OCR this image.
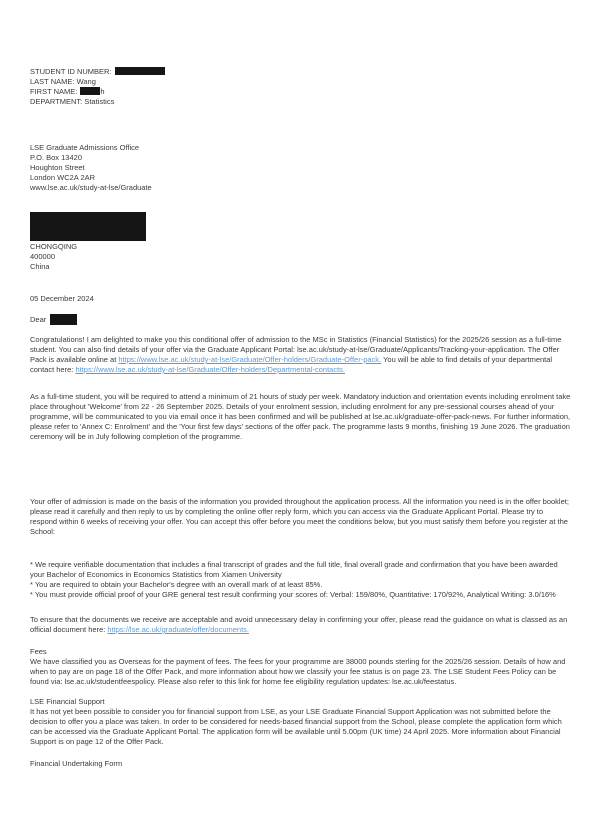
STUDENT ID NUMBER:
LAST NAME: Wang
FIRST NAME:	h
DEPARTMENT: Statistics
LSE Graduate Admissions Office
P.O. Box 13420
Houghton Street
London WC2A 2AR
www.lse.ac.uk/study-at-lse/Graduate
CHONGQING
400000
China
05 December 2024
Dear

Congratulations! I am delighted to make you this conditional offer of admission to the MSc in Statistics (Financial Statistics) for the 2025/26 session as a full-time student. You can also find details of your offer via the Graduate Applicant Portal: lse.ac.uk/study-at-lse/Graduate/Applicants/Tracking-your-application. The Offer Pack is available online at https://www.lse.ac.uk/study-at-lse/Graduate/Offer-holders/Graduate-Offer-pack. You will be able to find details of your departmental contact here: https://www.lse.ac.uk/study-at-lse/Graduate/Offer-holders/Departmental-contacts.

As a full-time student, you will be required to attend a minimum of 21 hours of study per week. Mandatory induction and orientation events including enrolment take place throughout 'Welcome' from 22 - 26 September 2025. Details of your enrolment session, including enrolment for any pre-sessional courses ahead of your programme, will be communicated to you via email once it has been confirmed and will be published at lse.ac.uk/graduate-offer-pack-news. For further information, please refer to 'Annex C: Enrolment' and the 'Your first few days' sections of the offer pack. The programme lasts 9 months, finishing 19 June 2026. The graduation ceremony will be in July following completion of the programme.

Your offer of admission is made on the basis of the information you provided throughout the application process. All the information you need is in the offer booklet; please read it carefully and then reply to us by completing the online offer reply form, which you can access via the Graduate Applicant Portal. Please try to respond within 6 weeks of receiving your offer. You can accept this offer before you meet the conditions below, but you must satisfy them before you register at the School:

* We require verifiable documentation that includes a final transcript of grades and the full title, final overall grade and confirmation that you have been awarded your Bachelor of Economics in Economics Statistics from Xiamen University

* You are required to obtain your Bachelor's degree with an overall mark of at least 85%.

* You must provide official proof of your GRE general test result confirming your scores of: Verbal: 159/80%, Quantitative: 170/92%, Analytical Writing: 3.0/16%

To ensure that the documents we receive are acceptable and avoid unnecessary delay in confirming your offer, please read the guidance on what is classed as an official document here: https://lse.ac.uk/graduate/offer/documents.

Fees

We have classified you as Overseas for the payment of fees. The fees for your programme are 38000 pounds sterling for the 2025/26 session. Details of how and when to pay are on page 18 of the Offer Pack, and more information about how we classify your fee status is on page 23. The LSE Student Fees Policy can be found via: lse.ac.uk/studentfeespolicy. Please also refer to this link for home fee eligibility regulation updates: lse.ac.uk/feestatus.

LSE Financial Support

It has not yet been possible to consider you for financial support from LSE, as your LSE Graduate Financial Support Application was not submitted before the decision to offer you a place was taken. In order to be considered for needs-based financial support from the School, please complete the application form which can be accessed via the Graduate Applicant Portal. The application form will be available until 5.00pm (UK time) 24 April 2025. More information about Financial Support is on page 12 of the Offer Pack.

Financial Undertaking Form
